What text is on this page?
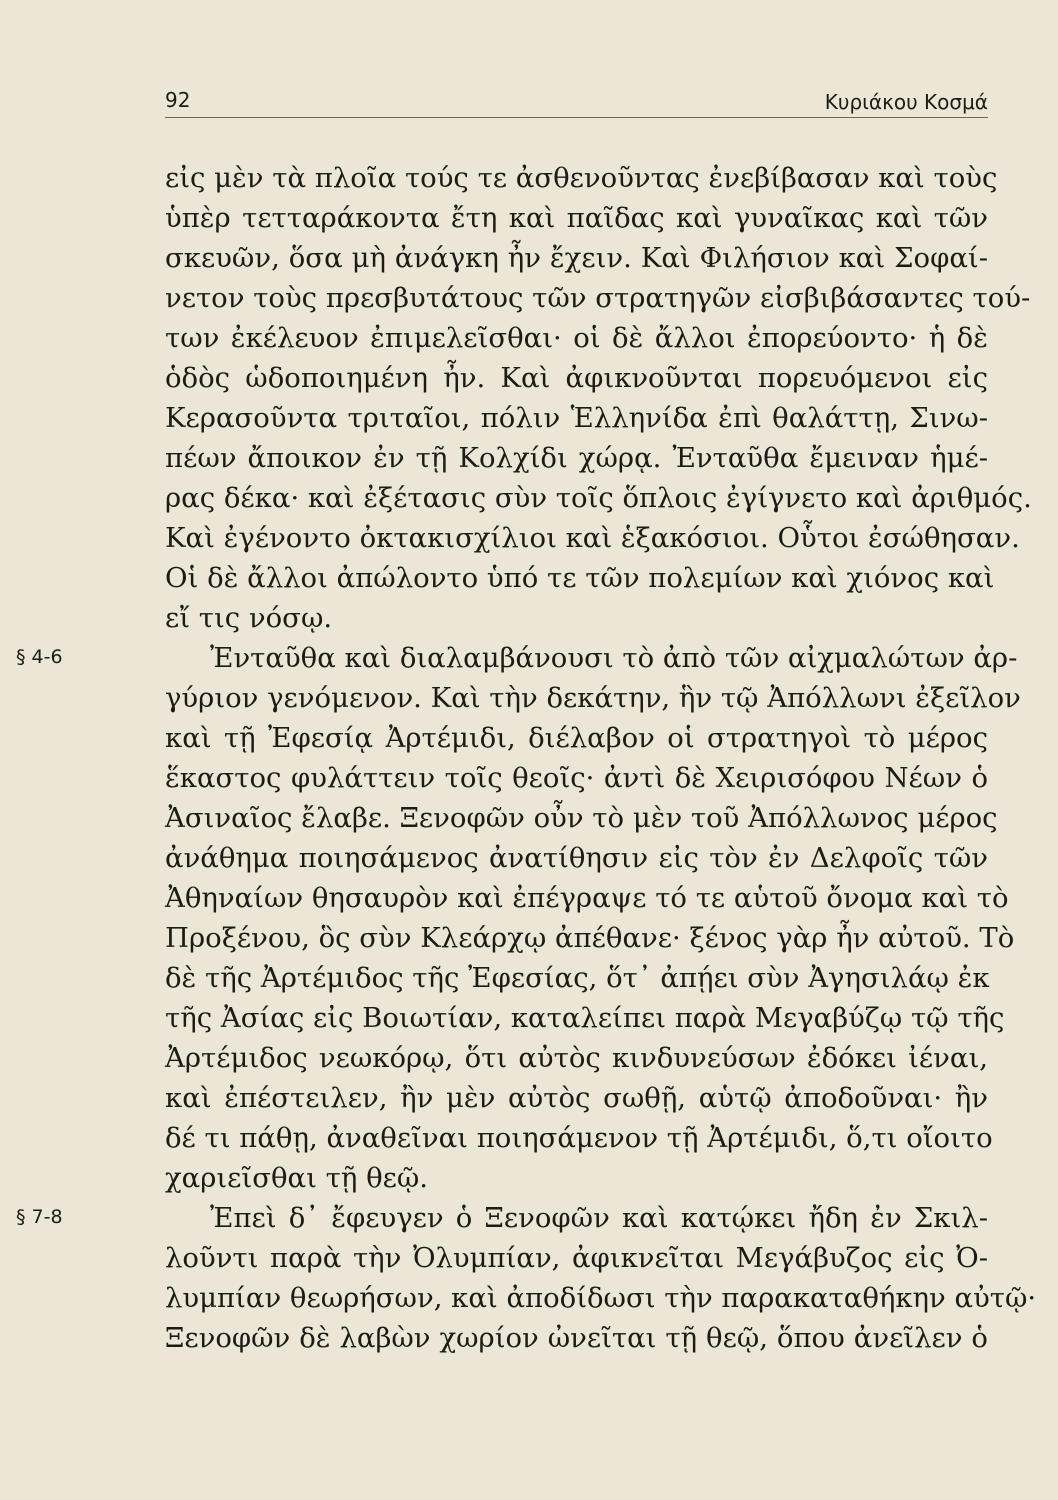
92	Κυριάκου Κοσμά
εἰς μὲν τὰ πλοῖα τούς τε ἀσθενοῦντας ἐνεβίβασαν καὶ τοὺς
ὑπὲρ τετταράκοντα ἔτη καὶ παῖδας καὶ γυναῖκας καὶ τῶν
σκευῶν, ὅσα μὴ ἀνάγκη ἦν ἔχειν. Καὶ Φιλήσιον καὶ Σοφαί-
νετον τοὺς πρεσβυτάτους τῶν στρατηγῶν εἰσβιβάσαντες τού-
των ἐκέλευον ἐπιμελεῖσθαι· οἱ δὲ ἄλλοι ἐπορεύοντο· ἡ δὲ
ὁδὸς ὡδοποιημένη ἦν. Καὶ ἀφικνοῦνται πορευόμενοι εἰς
Κερασοῦντα τριταῖοι, πόλιν Ἑλληνίδα ἐπὶ θαλάττῃ, Σινω-
πέων ἄποικον ἐν τῇ Κολχίδι χώρᾳ. Ἐνταῦθα ἔμειναν ἡμέ-
ρας δέκα· καὶ ἐξέτασις σὺν τοῖς ὅπλοις ἐγίγνετο καὶ ἀριθμός.
Καὶ ἐγένοντο ὀκτακισχίλιοι καὶ ἑξακόσιοι. Οὗτοι ἐσώθησαν.
Οἱ δὲ ἄλλοι ἀπώλοντο ὑπό τε τῶν πολεμίων καὶ χιόνος καὶ
εἴ τις νόσῳ.
§ 4-6	Ἐνταῦθα καὶ διαλαμβάνουσι τὸ ἀπὸ τῶν αἰχμαλώτων ἀρ-
γύριον γενόμενον. Καὶ τὴν δεκάτην, ἣν τῷ Ἀπόλλωνι ἐξεῖλον
καὶ τῇ Ἐφεσίᾳ Ἀρτέμιδι, διέλαβον οἱ στρατηγοὶ τὸ μέρος
ἕκαστος φυλάττειν τοῖς θεοῖς· ἀντὶ δὲ Χειρισόφου Νέων ὁ
Ἀσιναῖος ἔλαβε. Ξενοφῶν οὖν τὸ μὲν τοῦ Ἀπόλλωνος μέρος
ἀνάθημα ποιησάμενος ἀνατίθησιν εἰς τὸν ἐν Δελφοῖς τῶν
Ἀθηναίων θησαυρὸν καὶ ἐπέγραψε τό τε αὑτοῦ ὄνομα καὶ τὸ
Προξένου, ὃς σὺν Κλεάρχῳ ἀπέθανε· ξένος γὰρ ἦν αὐτοῦ. Τὸ
δὲ τῆς Ἀρτέμιδος τῆς Ἐφεσίας, ὅτ᾿ ἀπῄει σὺν Ἀγησιλάῳ ἐκ
τῆς Ἀσίας εἰς Βοιωτίαν, καταλείπει παρὰ Μεγαβύζῳ τῷ τῆς
Ἀρτέμιδος νεωκόρῳ, ὅτι αὐτὸς κινδυνεύσων ἐδόκει ἰέναι,
καὶ ἐπέστειλεν, ἢν μὲν αὐτὸς σωθῇ, αὑτῷ ἀποδοῦναι· ἢν
δέ τι πάθῃ, ἀναθεῖναι ποιησάμενον τῇ Ἀρτέμιδι, ὅ,τι οἴοιτο
χαριεῖσθαι τῇ θεῷ.
§ 7-8	Ἐπεὶ δ᾿ ἔφευγεν ὁ Ξενοφῶν καὶ κατῴκει ἤδη ἐν Σκιλ-
λοῦντι παρὰ τὴν Ὀλυμπίαν, ἀφικνεῖται Μεγάβυζος εἰς Ὀ-
λυμπίαν θεωρήσων, καὶ ἀποδίδωσι τὴν παρακαταθήκην αὐτῷ·
Ξενοφῶν δὲ λαβὼν χωρίον ὠνεῖται τῇ θεῷ, ὅπου ἀνεῖλεν ὁ
